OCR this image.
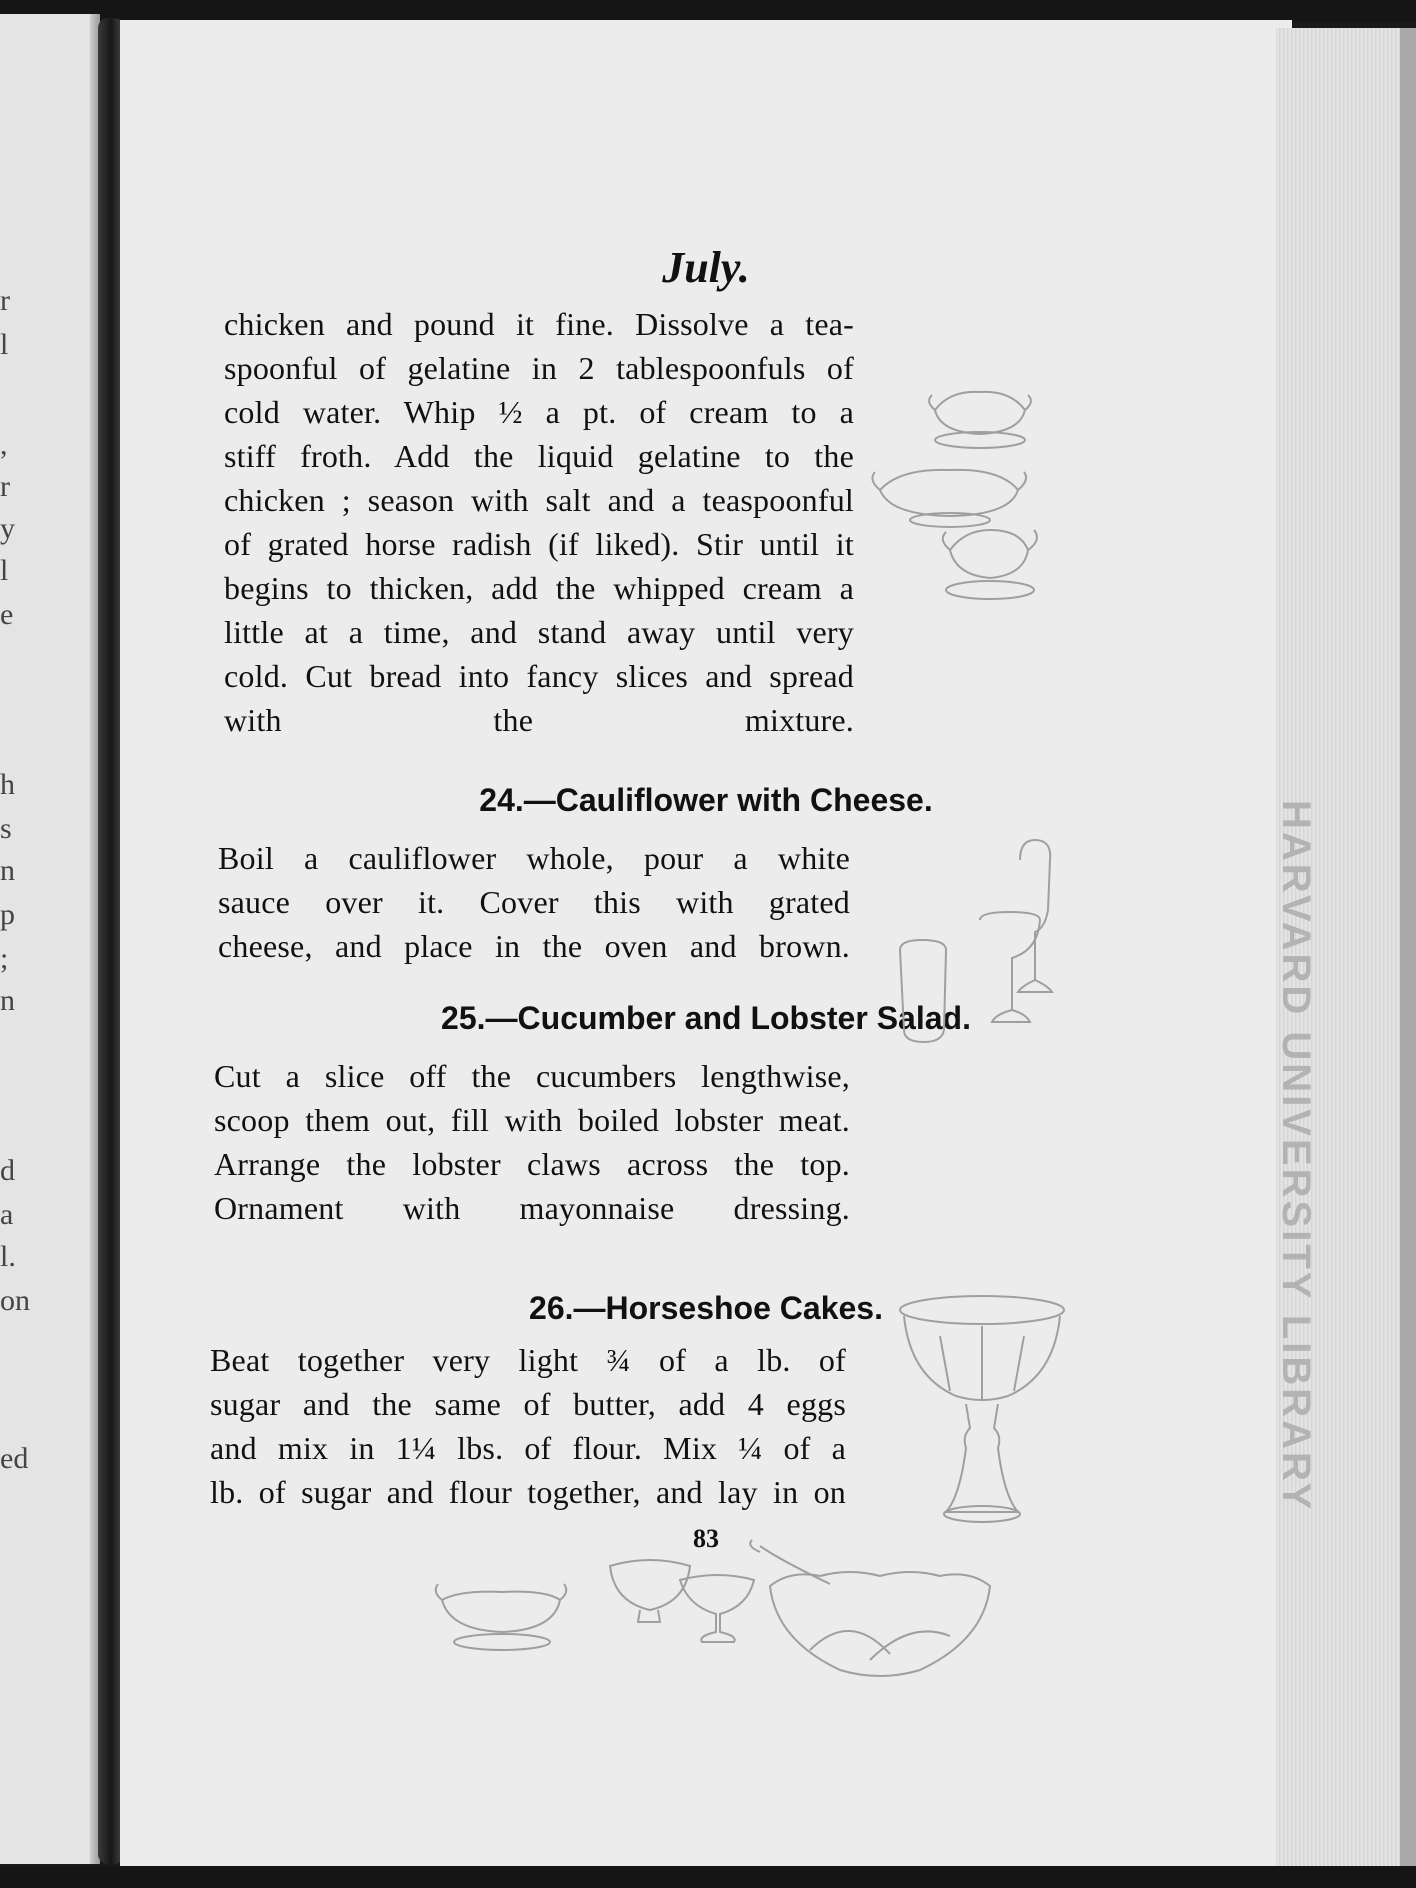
r
l
,
r
y
l
e
h
s
n
p
;
n
d
a
l.
on
ed
July.
chicken and pound it fine. Dissolve a tea-
spoonful of gelatine in 2 tablespoonfuls of
cold water. Whip ½ a pt. of cream to a
stiff froth. Add the liquid gelatine to the
chicken ; season with salt and a teaspoonful
of grated horse radish (if liked). Stir until it
begins to thicken, add the whipped cream a
little at a time, and stand away until very
cold. Cut bread into fancy slices and spread
with the mixture.
24.—Cauliflower with Cheese.
Boil a cauliflower whole, pour a white
sauce over it. Cover this with grated
cheese, and place in the oven and brown.
25.—Cucumber and Lobster Salad.
Cut a slice off the cucumbers lengthwise,
scoop them out, fill with boiled lobster meat.
Arrange the lobster claws across the top.
Ornament with mayonnaise dressing.
26.—Horseshoe Cakes.
Beat together very light ¾ of a lb. of
sugar and the same of butter, add 4 eggs
and mix in 1¼ lbs. of flour. Mix ¼ of a
lb. of sugar and flour together, and lay in on
83
HARVARD UNIVERSITY LIBRARY
